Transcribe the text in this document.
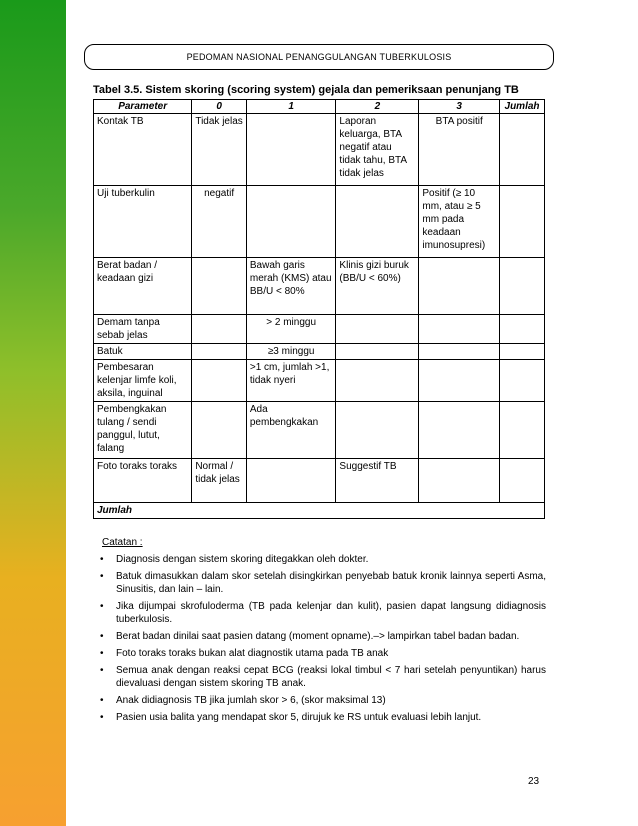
PEDOMAN NASIONAL PENANGGULANGAN TUBERKULOSIS
Tabel 3.5. Sistem skoring (scoring system) gejala dan pemeriksaan penunjang TB
Parameter	0	1	2	3	Jumlah
Kontak TB	Tidak jelas		Laporan keluarga, BTA negatif atau tidak tahu, BTA tidak jelas	BTA positif	
Uji tuberkulin	negatif			Positif (≥ 10 mm, atau ≥ 5 mm pada keadaan imunosupresi)	
Berat badan / keadaan gizi		Bawah garis merah (KMS) atau BB/U < 80%	Klinis gizi buruk (BB/U < 60%)		
Demam tanpa sebab jelas		> 2 minggu			
Batuk		≥3 minggu			
Pembesaran kelenjar limfe koli, aksila, inguinal		>1 cm, jumlah >1, tidak nyeri			
Pembengkakan tulang / sendi panggul, lutut, falang		Ada pembengkakan			
Foto toraks toraks	Normal / tidak jelas		Suggestif TB		
Jumlah					
Catatan :
• Diagnosis dengan sistem skoring ditegakkan oleh dokter.
• Batuk dimasukkan dalam skor setelah disingkirkan penyebab batuk kronik lainnya seperti Asma, Sinusitis, dan lain – lain.
• Jika dijumpai skrofuloderma (TB pada kelenjar dan kulit), pasien dapat langsung didiagnosis tuberkulosis.
• Berat badan dinilai saat pasien datang (moment opname).–> lampirkan tabel badan badan.
• Foto toraks toraks bukan alat diagnostik utama pada TB anak
• Semua anak dengan reaksi cepat BCG (reaksi lokal timbul < 7 hari setelah penyuntikan) harus dievaluasi dengan sistem skoring TB anak.
• Anak didiagnosis TB jika jumlah skor > 6, (skor maksimal 13)
• Pasien usia balita yang mendapat skor 5, dirujuk ke RS untuk evaluasi lebih lanjut.
23
